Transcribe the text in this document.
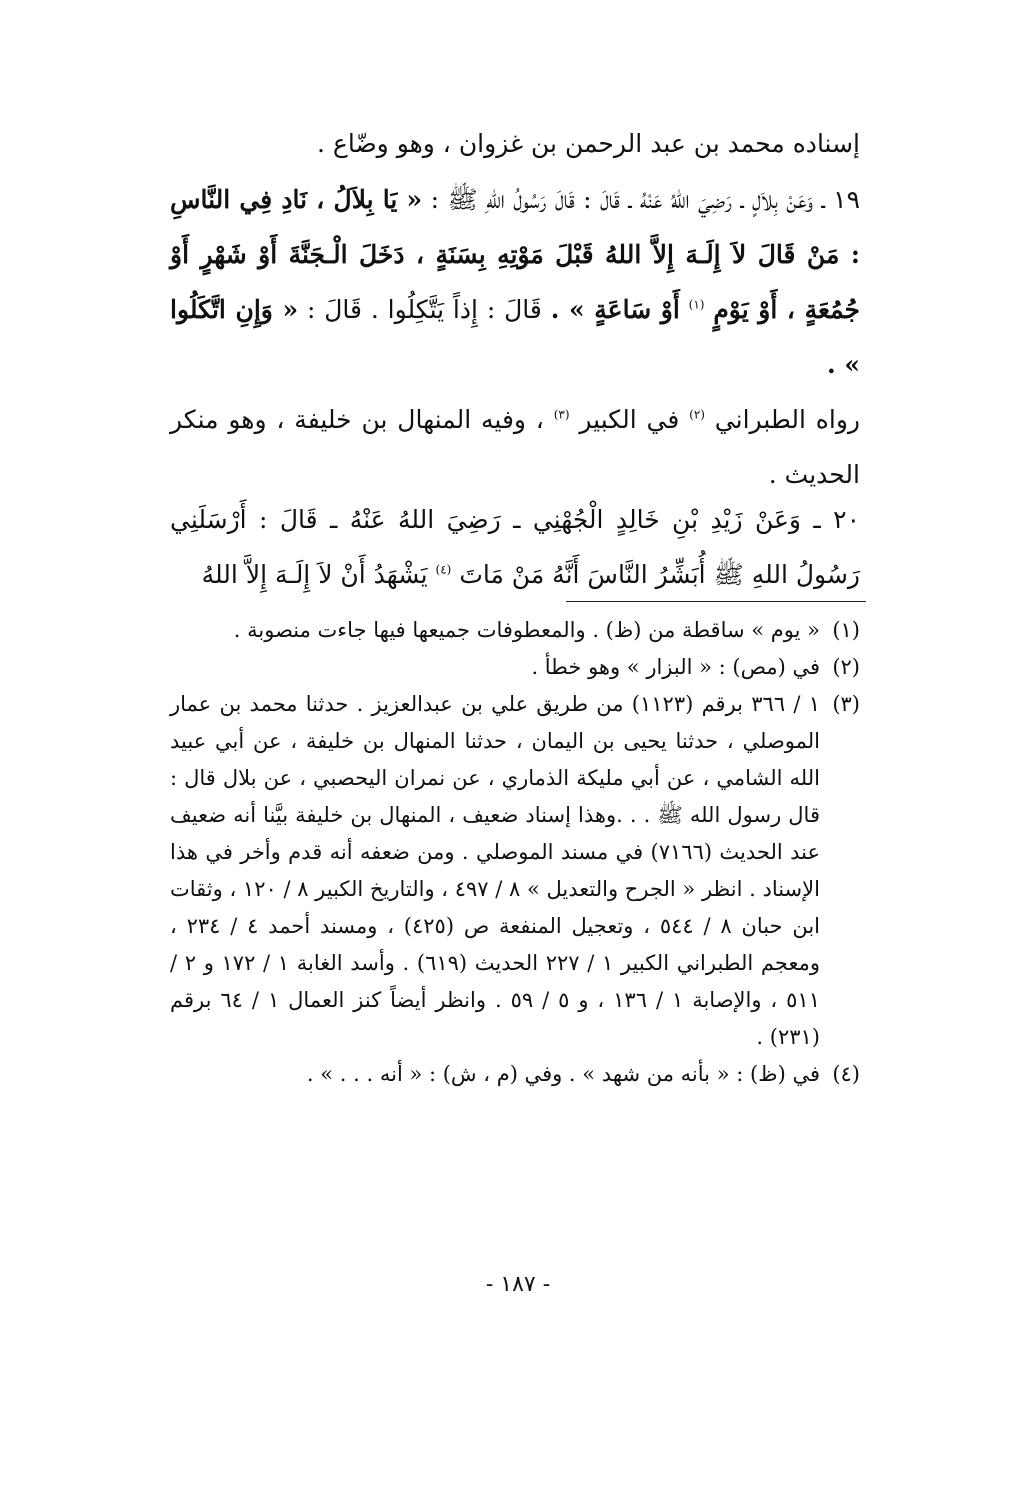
إسناده محمد بن عبد الرحمن بن غزوان ، وهو وضّاع .
١٩ ـ وَعَنْ بِلاَلٍ ـ رَضِيَ اللهُ عَنْهُ ـ قَالَ : قَالَ رَسُولُ اللهِ ﷺ : « يَا بِلاَلُ ، نَادِ فِي النَّاسِ : مَنْ قَالَ لاَ إِلَـهَ إِلاَّ اللهُ قَبْلَ مَوْتِهِ بِسَنَةٍ ، دَخَلَ الْـجَنَّةَ أَوْ شَهْرٍ أَوْ جُمُعَةٍ ، أَوْ يَوْمٍ $^{(١)}$ أَوْ سَاعَةٍ » . قَالَ : إِذاً يَتَّكِلُوا . قَالَ : « وَإِنِ اتَّكَلُوا » .
رواه الطبراني $^{(٢)}$ في الكبير $^{(٣)}$ ، وفيه المنهال بن خليفة ، وهو منكر الحديث .
٢٠ ـ وَعَنْ زَيْدِ بْنِ خَالِدٍ الْجُهْنِي ـ رَضِيَ اللهُ عَنْهُ ـ قَالَ : أَرْسَلَنِي رَسُولُ اللهِ ﷺ أُبَشِّرُ النَّاسَ أَنَّهُ مَنْ مَاتَ $^{(٤)}$ يَشْهَدُ أَنْ لاَ إِلَـهَ إِلاَّ اللهُ
(١)
« يوم » ساقطة من (ظ) . والمعطوفات جميعها فيها جاءت منصوبة .
(٢)
في (مص) : « البزار » وهو خطأ .
(٣)
١ / ٣٦٦ برقم (١١٢٣) من طريق علي بن عبدالعزيز . حدثنا محمد بن عمار الموصلي ، حدثنا يحيى بن اليمان ، حدثنا المنهال بن خليفة ، عن أبي عبيد الله الشامي ، عن أبي مليكة الذماري ، عن نمران اليحصبي ، عن بلال قال : قال رسول الله ﷺ . . .وهذا إسناد ضعيف ، المنهال بن خليفة بيَّنا أنه ضعيف عند الحديث (٧١٦٦) في مسند الموصلي . ومن ضعفه أنه قدم وأخر في هذا الإسناد . انظر « الجرح والتعديل » ٨ / ٤٩٧ ، والتاريخ الكبير ٨ / ١٢٠ ، وثقات ابن حبان ٨ / ٥٤٤ ، وتعجيل المنفعة ص (٤٢٥) ، ومسند أحمد ٤ / ٢٣٤ ، ومعجم الطبراني الكبير ١ / ٢٢٧ الحديث (٦١٩) . وأسد الغابة ١ / ١٧٢ و ٢ / ٥١١ ، والإصابة ١ / ١٣٦ ، و ٥ / ٥٩ . وانظر أيضاً كنز العمال ١ / ٦٤ برقم (٢٣١) .
(٤)
في (ظ) : « بأنه من شهد » . وفي (م ، ش) : « أنه . . . » .
- ١٨٧ -
